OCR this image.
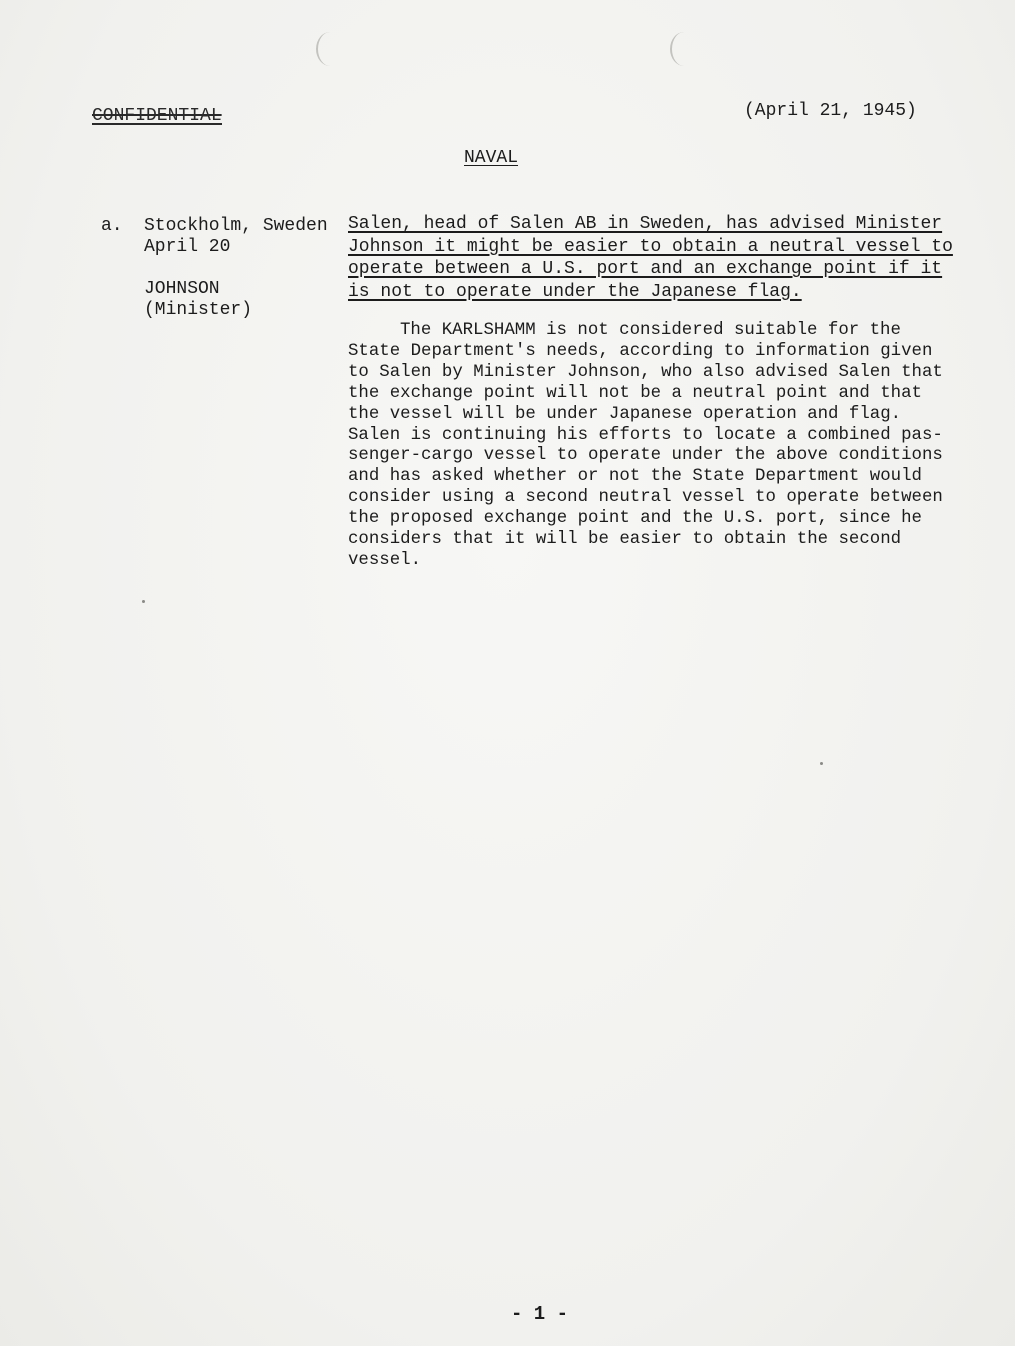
CONFIDENTIAL	(April 21, 1945)
NAVAL
a. Stockholm, Sweden
April 20
JOHNSON
(Minister)
Salen, head of Salen AB in Sweden, has advised Minister
Johnson it might be easier to obtain a neutral vessel to
operate between a U.S. port and an exchange point if it
is not to operate under the Japanese flag.
The KARLSHAMM is not considered suitable for the
State Department's needs, according to information given
to Salen by Minister Johnson, who also advised Salen that
the exchange point will not be a neutral point and that
the vessel will be under Japanese operation and flag.
Salen is continuing his efforts to locate a combined pas-
senger-cargo vessel to operate under the above conditions
and has asked whether or not the State Department would
consider using a second neutral vessel to operate between
the proposed exchange point and the U.S. port, since he
considers that it will be easier to obtain the second
vessel.
- 1 -
